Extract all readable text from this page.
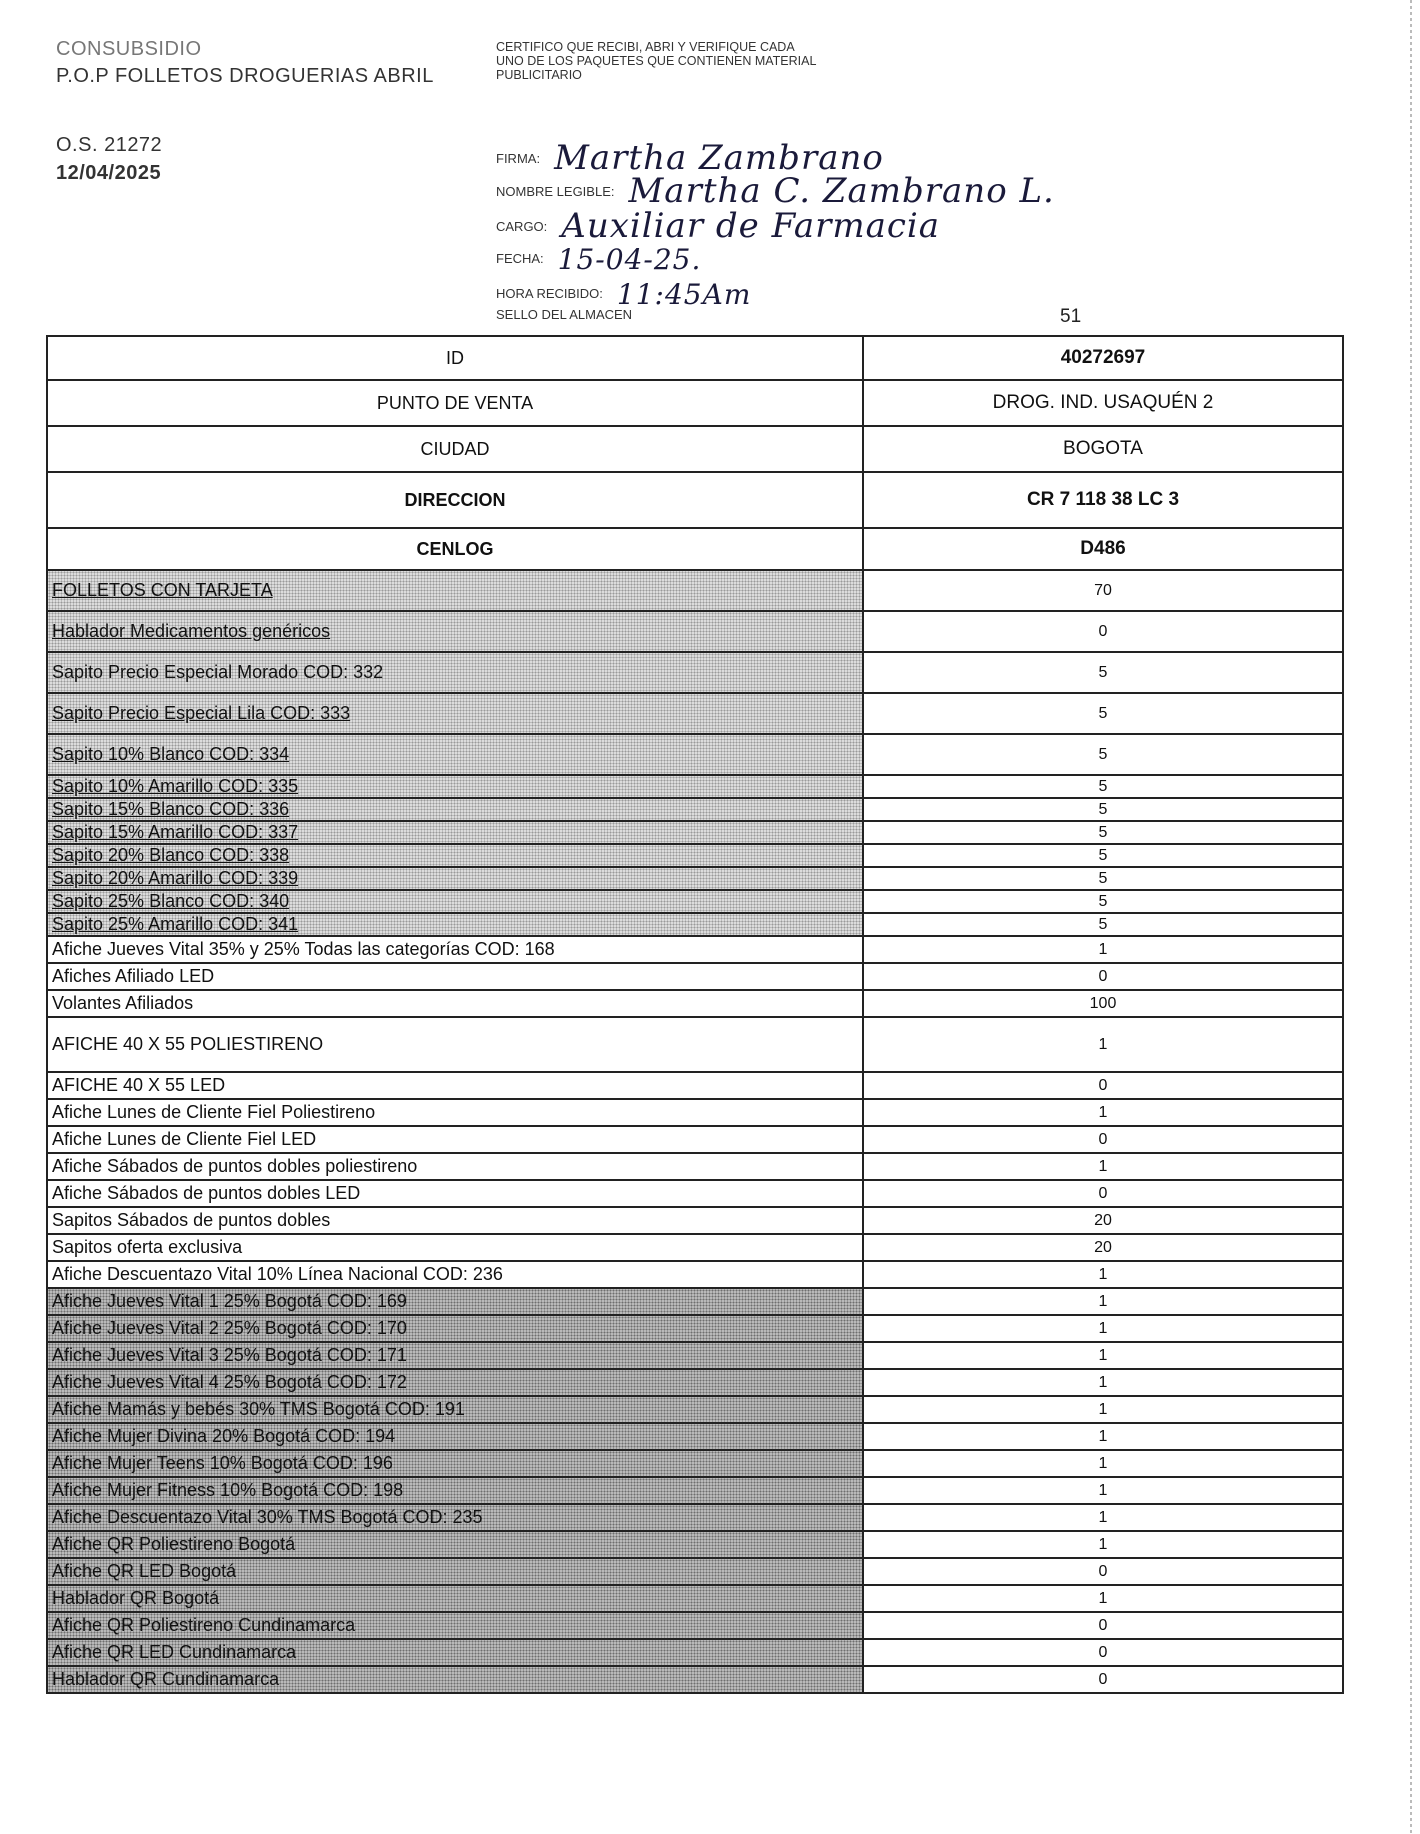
CONSUBSIDIO
P.O.P FOLLETOS DROGUERIAS ABRIL
O.S. 21272
12/04/2025
CERTIFICO QUE RECIBI, ABRI Y VERIFIQUE CADA UNO DE LOS PAQUETES QUE CONTIENEN MATERIAL PUBLICITARIO
FIRMA: Martha Zambrano
NOMBRE LEGIBLE: Martha C. Zambrano L.
CARGO: Auxiliar de Farmacia
FECHA: 15-04-25.
HORA RECIBIDO: 11:45Am
SELLO DEL ALMACEN	51
ID	40272697
PUNTO DE VENTA	DROG. IND. USAQUÉN 2
CIUDAD	BOGOTA
DIRECCION	CR 7 118 38 LC 3
CENLOG	D486
FOLLETOS CON TARJETA	70
Hablador Medicamentos genéricos	0
Sapito Precio Especial Morado COD: 332	5
Sapito Precio Especial Lila COD: 333	5
Sapito 10% Blanco COD: 334	5
Sapito 10% Amarillo COD: 335	5
Sapito 15% Blanco COD: 336	5
Sapito 15% Amarillo COD: 337	5
Sapito 20% Blanco COD: 338	5
Sapito 20% Amarillo COD: 339	5
Sapito 25% Blanco COD: 340	5
Sapito 25% Amarillo COD: 341	5
Afiche Jueves Vital 35% y 25% Todas las categorías COD: 168	1
Afiches Afiliado LED	0
Volantes Afiliados	100
AFICHE 40 X 55 POLIESTIRENO	1
AFICHE 40 X 55 LED	0
Afiche Lunes de Cliente Fiel Poliestireno	1
Afiche Lunes de Cliente Fiel LED	0
Afiche Sábados de puntos dobles poliestireno	1
Afiche Sábados de puntos dobles LED	0
Sapitos Sábados de puntos dobles	20
Sapitos oferta exclusiva	20
Afiche Descuentazo Vital 10% Línea Nacional COD: 236	1
Afiche Jueves Vital 1 25% Bogotá COD: 169	1
Afiche Jueves Vital 2 25% Bogotá COD: 170	1
Afiche Jueves Vital 3 25% Bogotá COD: 171	1
Afiche Jueves Vital 4 25% Bogotá COD: 172	1
Afiche Mamás y bebés 30% TMS Bogotá COD: 191	1
Afiche Mujer Divina 20% Bogotá COD: 194	1
Afiche Mujer Teens 10% Bogotá COD: 196	1
Afiche Mujer Fitness 10% Bogotá COD: 198	1
Afiche Descuentazo Vital 30% TMS Bogotá COD: 235	1
Afiche QR Poliestireno Bogotá	1
Afiche QR LED Bogotá	0
Hablador QR Bogotá	1
Afiche QR Poliestireno Cundinamarca	0
Afiche QR LED Cundinamarca	0
Hablador QR Cundinamarca	0
